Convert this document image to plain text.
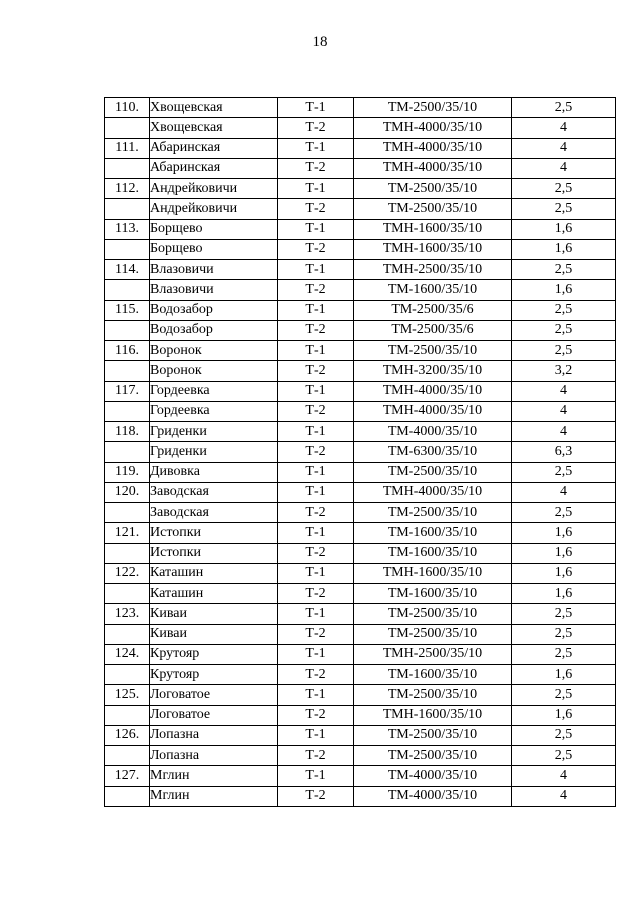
18
110.	Хвощевская	Т-1	ТМ-2500/35/10	2,5
	Хвощевская	Т-2	ТМН-4000/35/10	4
111.	Абаринская	Т-1	ТМН-4000/35/10	4
	Абаринская	Т-2	ТМН-4000/35/10	4
112.	Андрейковичи	Т-1	ТМ-2500/35/10	2,5
	Андрейковичи	Т-2	ТМ-2500/35/10	2,5
113.	Борщево	Т-1	ТМН-1600/35/10	1,6
	Борщево	Т-2	ТМН-1600/35/10	1,6
114.	Влазовичи	Т-1	ТМН-2500/35/10	2,5
	Влазовичи	Т-2	ТМ-1600/35/10	1,6
115.	Водозабор	Т-1	ТМ-2500/35/6	2,5
	Водозабор	Т-2	ТМ-2500/35/6	2,5
116.	Воронок	Т-1	ТМ-2500/35/10	2,5
	Воронок	Т-2	ТМН-3200/35/10	3,2
117.	Гордеевка	Т-1	ТМН-4000/35/10	4
	Гордеевка	Т-2	ТМН-4000/35/10	4
118.	Гриденки	Т-1	ТМ-4000/35/10	4
	Гриденки	Т-2	ТМ-6300/35/10	6,3
119.	Дивовка	Т-1	ТМ-2500/35/10	2,5
120.	Заводская	Т-1	ТМН-4000/35/10	4
	Заводская	Т-2	ТМ-2500/35/10	2,5
121.	Истопки	Т-1	ТМ-1600/35/10	1,6
	Истопки	Т-2	ТМ-1600/35/10	1,6
122.	Каташин	Т-1	ТМН-1600/35/10	1,6
	Каташин	Т-2	ТМ-1600/35/10	1,6
123.	Киваи	Т-1	ТМ-2500/35/10	2,5
	Киваи	Т-2	ТМ-2500/35/10	2,5
124.	Крутояр	Т-1	ТМН-2500/35/10	2,5
	Крутояр	Т-2	ТМ-1600/35/10	1,6
125.	Логоватое	Т-1	ТМ-2500/35/10	2,5
	Логоватое	Т-2	ТМН-1600/35/10	1,6
126.	Лопазна	Т-1	ТМ-2500/35/10	2,5
	Лопазна	Т-2	ТМ-2500/35/10	2,5
127.	Мглин	Т-1	ТМ-4000/35/10	4
	Мглин	Т-2	ТМ-4000/35/10	4
